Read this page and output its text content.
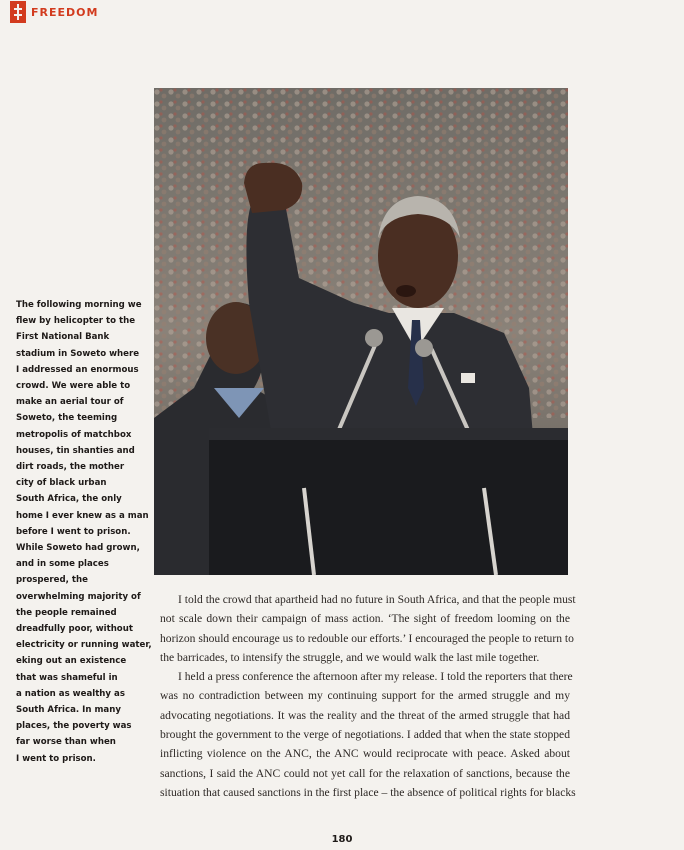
FREEDOM
The following morning we
flew by helicopter to the
First National Bank
stadium in Soweto where
I addressed an enormous
crowd. We were able to
make an aerial tour of
Soweto, the teeming
metropolis of matchbox
houses, tin shanties and
dirt roads, the mother
city of black urban
South Africa, the only
home I ever knew as a man
before I went to prison.
While Soweto had grown,
and in some places
prospered, the
overwhelming majority of
the people remained
dreadfully poor, without
electricity or running water,
eking out an existence
that was shameful in
a nation as wealthy as
South Africa. In many
places, the poverty was
far worse than when
I went to prison.
I told the crowd that apartheid had no future in South Africa, and that the people must
not scale down their campaign of mass action. ‘The sight of freedom looming on the
horizon should encourage us to redouble our efforts.’ I encouraged the people to return to
the barricades, to intensify the struggle, and we would walk the last mile together.
I held a press conference the afternoon after my release. I told the reporters that there
was no contradiction between my continuing support for the armed struggle and my
advocating negotiations. It was the reality and the threat of the armed struggle that had
brought the government to the verge of negotiations. I added that when the state stopped
inflicting violence on the ANC, the ANC would reciprocate with peace. Asked about
sanctions, I said the ANC could not yet call for the relaxation of sanctions, because the
situation that caused sanctions in the first place – the absence of political rights for blacks
180
